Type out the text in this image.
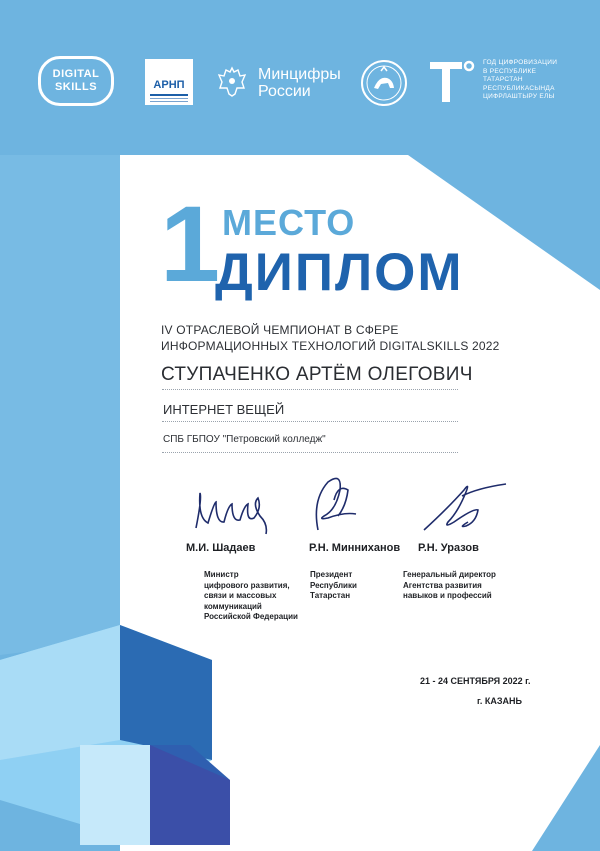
DIGITAL
SKILLS	АРНП
Минцифры
России
ГОД ЦИФРОВИЗАЦИИ
В РЕСПУБЛИКЕ
ТАТАРСТАН
РЕСПУБЛИКАСЫНДА
ЦИФРЛАШТЫРУ ЕЛЫ
1 МЕСТО
ДИПЛОМ
IV ОТРАСЛЕВОЙ ЧЕМПИОНАТ В СФЕРЕ
ИНФОРМАЦИОННЫХ ТЕХНОЛОГИЙ DIGITALSKILLS 2022
СТУПАЧЕНКО АРТЁМ ОЛЕГОВИЧ
ИНТЕРНЕТ ВЕЩЕЙ
СПБ ГБПОУ "Петровский колледж"
М.И. Шадаев
Министр
цифрового развития,
связи и массовых
коммуникаций
Российской Федерации
Р.Н. Минниханов
Президент
Республики
Татарстан
Р.Н. Уразов
Генеральный директор
Агентства развития
навыков и профессий
21 - 24 СЕНТЯБРЯ 2022 г.
г. КАЗАНЬ
